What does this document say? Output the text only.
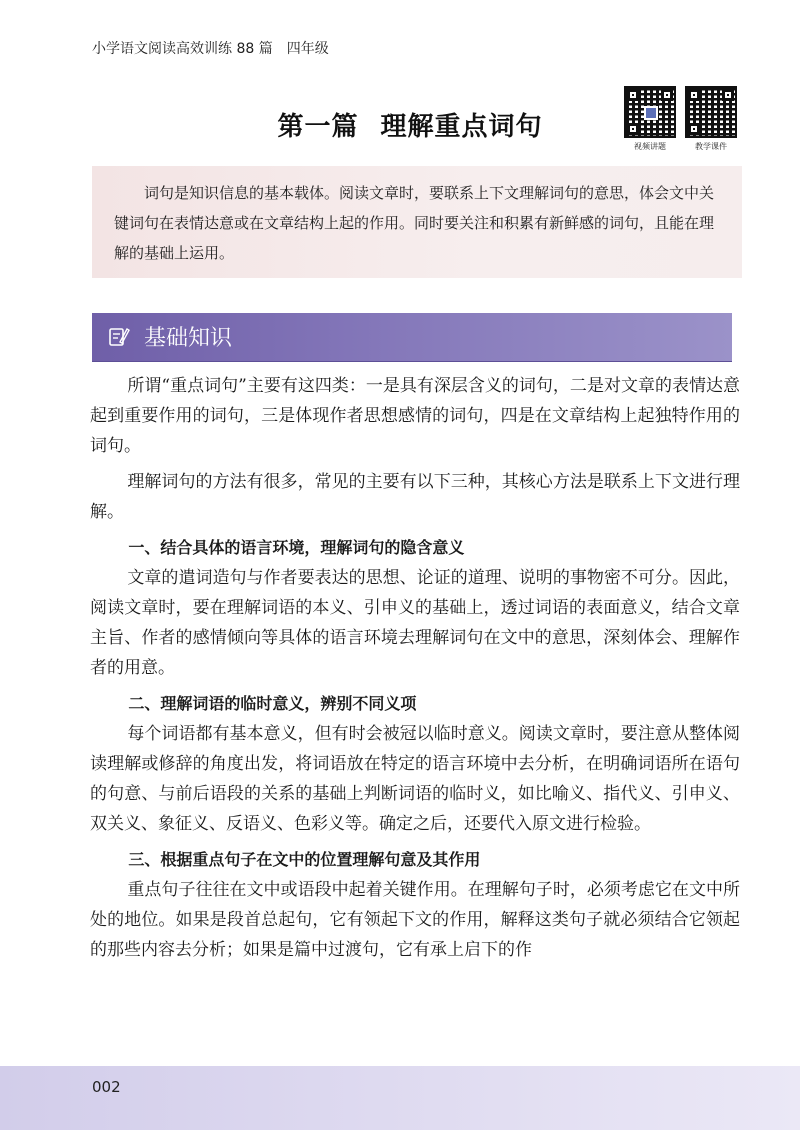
小学语文阅读高效训练 88 篇 四年级
第一篇 理解重点词句
视频讲题	教学课件
词句是知识信息的基本载体。阅读文章时，要联系上下文理解词句的意思，体会文中关键词句在表情达意或在文章结构上起的作用。同时要关注和积累有新鲜感的词句，且能在理解的基础上运用。
基础知识

所谓“重点词句”主要有这四类：一是具有深层含义的词句，二是对文章的表情达意起到重要作用的词句，三是体现作者思想感情的词句，四是在文章结构上起独特作用的词句。

理解词句的方法有很多，常见的主要有以下三种，其核心方法是联系上下文进行理解。

一、结合具体的语言环境，理解词句的隐含意义

文章的遣词造句与作者要表达的思想、论证的道理、说明的事物密不可分。因此，阅读文章时，要在理解词语的本义、引申义的基础上，透过词语的表面意义，结合文章主旨、作者的感情倾向等具体的语言环境去理解词句在文中的意思，深刻体会、理解作者的用意。

二、理解词语的临时意义，辨别不同义项

每个词语都有基本意义，但有时会被冠以临时意义。阅读文章时，要注意从整体阅读理解或修辞的角度出发，将词语放在特定的语言环境中去分析，在明确词语所在语句的句意、与前后语段的关系的基础上判断词语的临时义，如比喻义、指代义、引申义、双关义、象征义、反语义、色彩义等。确定之后，还要代入原文进行检验。

三、根据重点句子在文中的位置理解句意及其作用

重点句子往往在文中或语段中起着关键作用。在理解句子时，必须考虑它在文中所处的地位。如果是段首总起句，它有领起下文的作用，解释这类句子就必须结合它领起的那些内容去分析；如果是篇中过渡句，它有承上启下的作

002
